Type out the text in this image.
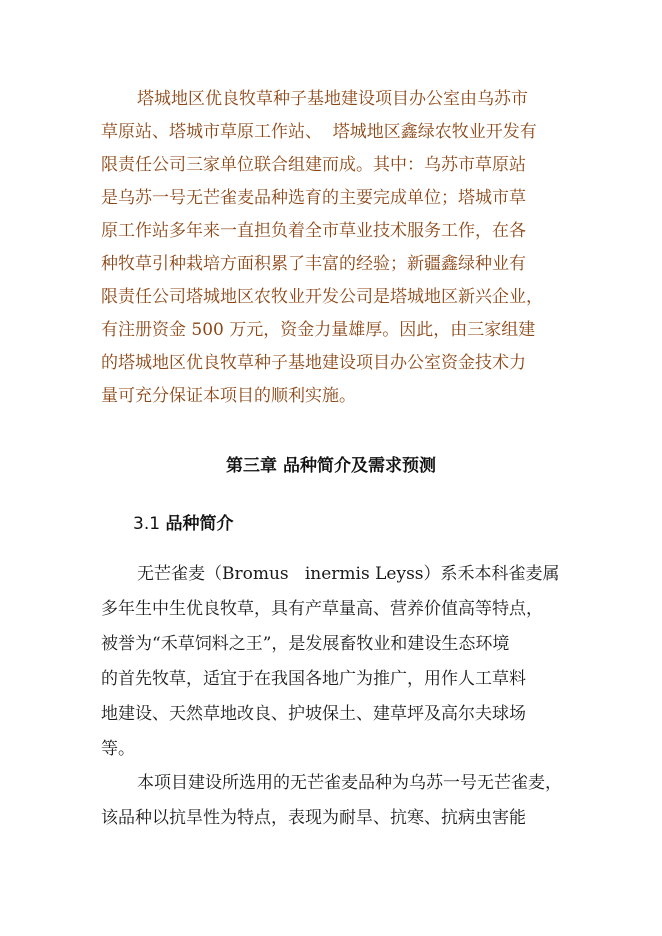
塔城地区优良牧草种子基地建设项目办公室由乌苏市
草原站、塔城市草原工作站、  塔城地区鑫绿农牧业开发有
限责任公司三家单位联合组建而成。其中：乌苏市草原站
是乌苏一号无芒雀麦品种选育的主要完成单位；塔城市草
原工作站多年来一直担负着全市草业技术服务工作，在各
种牧草引种栽培方面积累了丰富的经验；新疆鑫绿种业有
限责任公司塔城地区农牧业开发公司是塔城地区新兴企业，
有注册资金 500 万元，资金力量雄厚。因此，由三家组建
的塔城地区优良牧草种子基地建设项目办公室资金技术力
量可充分保证本项目的顺利实施。
第三章 品种简介及需求预测
3.1 品种简介
无芒雀麦（Bromus   inermis Leyss）系禾本科雀麦属
多年生中生优良牧草，具有产草量高、营养价值高等特点，
被誉为“禾草饲料之王”，是发展畜牧业和建设生态环境
的首先牧草，适宜于在我国各地广为推广，用作人工草料
地建设、天然草地改良、护坡保土、建草坪及高尔夫球场
等。
本项目建设所选用的无芒雀麦品种为乌苏一号无芒雀麦，
该品种以抗旱性为特点，表现为耐旱、抗寒、抗病虫害能
